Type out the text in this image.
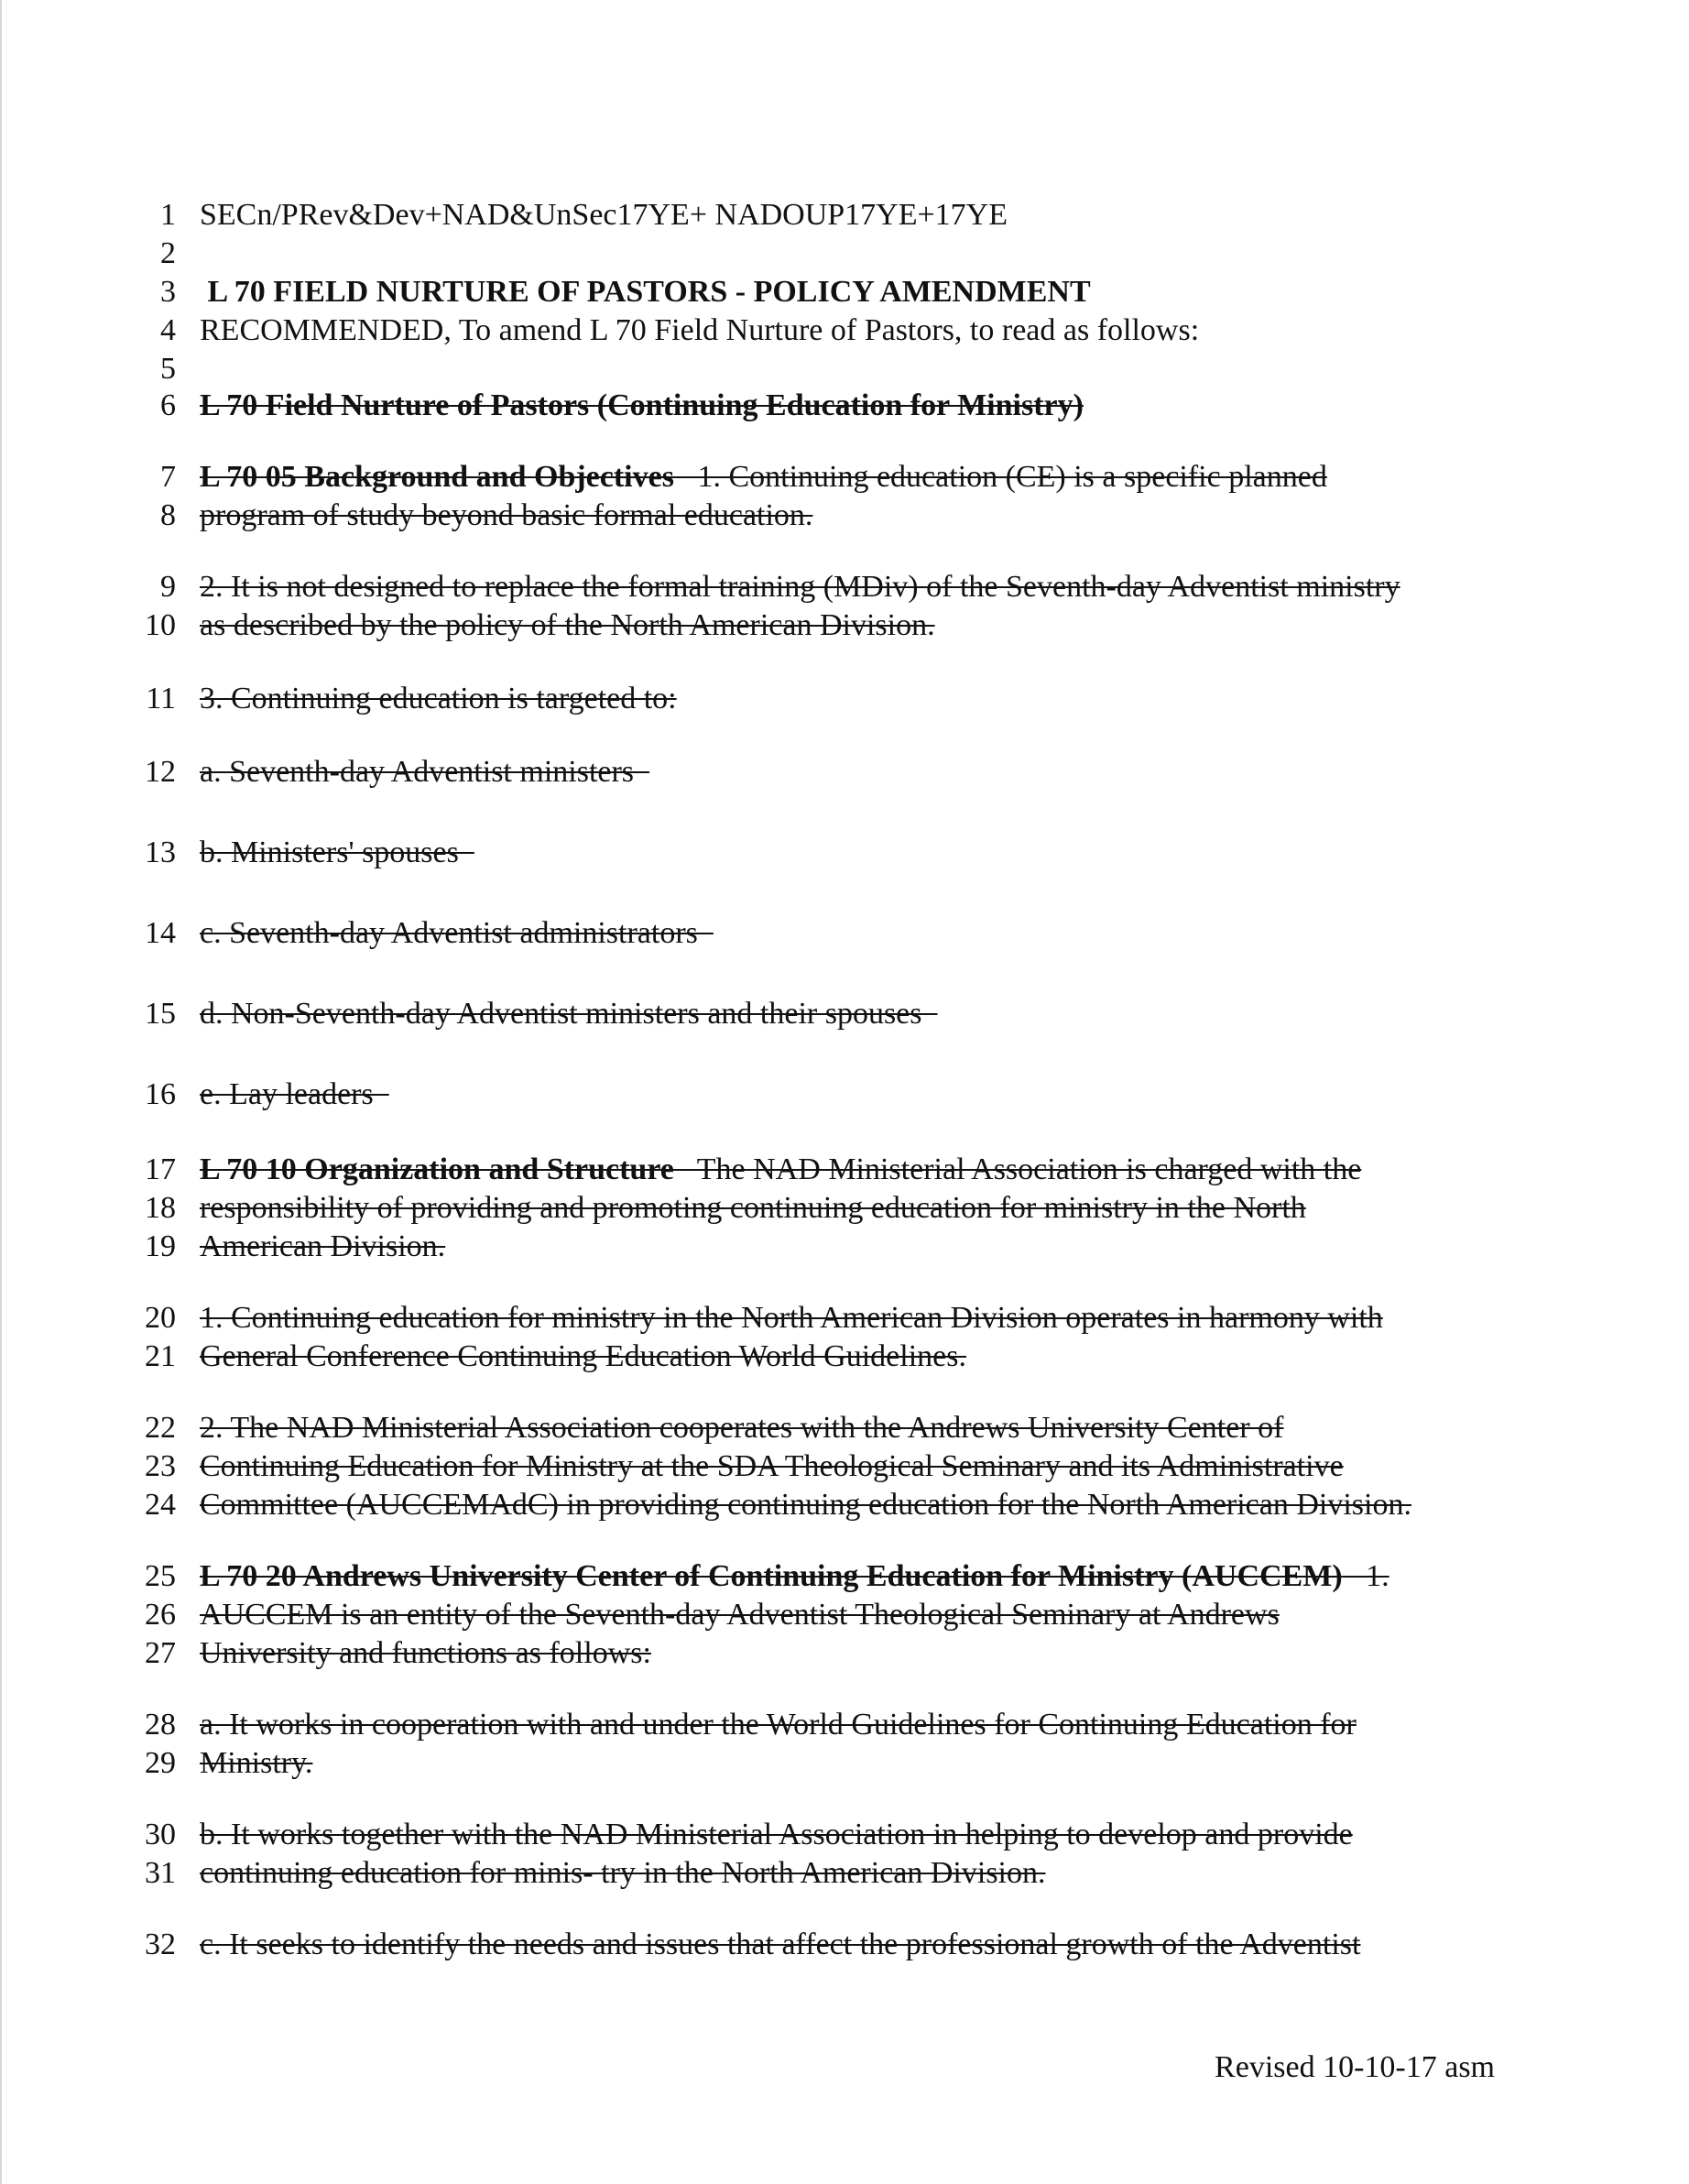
1 SECn/PRev&Dev+NAD&UnSec17YE+ NADOUP17YE+17YE
2
3 L 70 FIELD NURTURE OF PASTORS - POLICY AMENDMENT
4 RECOMMENDED, To amend L 70 Field Nurture of Pastors, to read as follows:
5
6 L 70 Field Nurture of Pastors (Continuing Education for Ministry)
7 L 70 05 Background and Objectives   1. Continuing education (CE) is a specific planned
8 program of study beyond basic formal education.
9 2. It is not designed to replace the formal training (MDiv) of the Seventh-day Adventist ministry
10 as described by the policy of the North American Division.
11 3. Continuing education is targeted to:
12 a. Seventh-day Adventist ministers
13 b. Ministers' spouses
14 c. Seventh-day Adventist administrators
15 d. Non-Seventh-day Adventist ministers and their spouses
16 e. Lay leaders
17 L 70 10 Organization and Structure   The NAD Ministerial Association is charged with the
18 responsibility of providing and promoting continuing education for ministry in the North
19 American Division.
20 1. Continuing education for ministry in the North American Division operates in harmony with
21 General Conference Continuing Education World Guidelines.
22 2. The NAD Ministerial Association cooperates with the Andrews University Center of
23 Continuing Education for Ministry at the SDA Theological Seminary and its Administrative
24 Committee (AUCCEMAdC) in providing continuing education for the North American Division.
25 L 70 20 Andrews University Center of Continuing Education for Ministry (AUCCEM)   1.
26 AUCCEM is an entity of the Seventh-day Adventist Theological Seminary at Andrews
27 University and functions as follows:
28 a. It works in cooperation with and under the World Guidelines for Continuing Education for
29 Ministry.
30 b. It works together with the NAD Ministerial Association in helping to develop and provide
31 continuing education for minis- try in the North American Division.
32 c. It seeks to identify the needs and issues that affect the professional growth of the Adventist
Revised 10-10-17 asm
